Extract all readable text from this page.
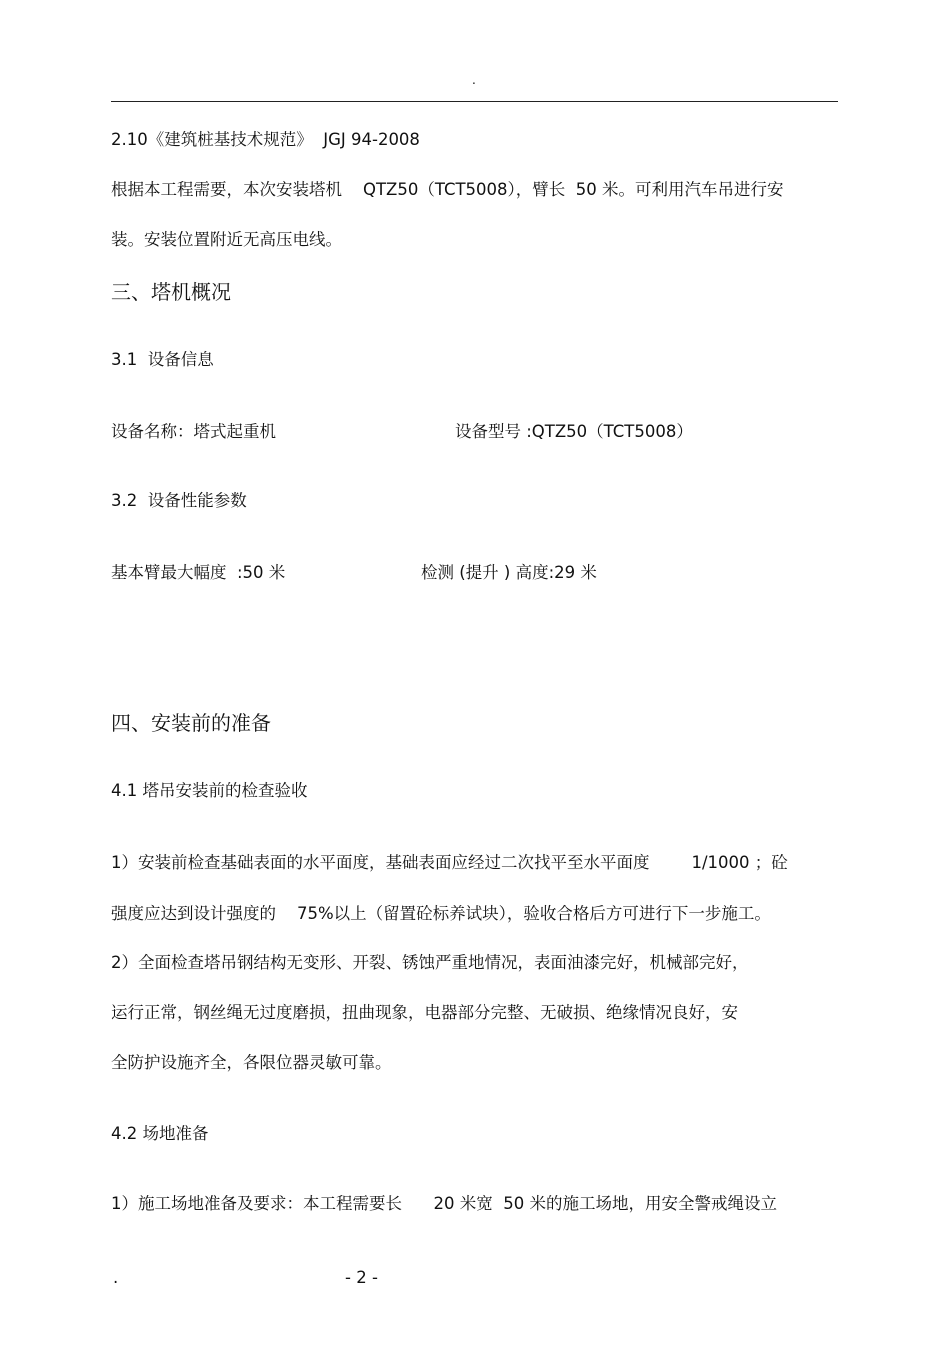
.
2.10《建筑桩基技术规范》  JGJ 94-2008
根据本工程需要，本次安装塔机    QTZ50（TCT5008），臂长  50 米。可利用汽车吊进行安
装。安装位置附近无高压电线。
三、塔机概况
3.1  设备信息
设备名称：塔式起重机	设备型号 :QTZ50（TCT5008）
3.2  设备性能参数
基本臂最大幅度  :50 米	检测 (提升 ) 高度:29 米
四、安装前的准备
4.1 塔吊安装前的检查验收
1）安装前检查基础表面的水平面度，基础表面应经过二次找平至水平面度        1/1000 ；砼
强度应达到设计强度的    75%以上（留置砼标养试块），验收合格后方可进行下一步施工。
2）全面检查塔吊钢结构无变形、开裂、锈蚀严重地情况，表面油漆完好，机械部完好，
运行正常，钢丝绳无过度磨损，扭曲现象，电器部分完整、无破损、绝缘情况良好，安
全防护设施齐全，各限位器灵敏可靠。
4.2 场地准备
1）施工场地准备及要求：本工程需要长      20 米宽  50 米的施工场地，用安全警戒绳设立
.	- 2 -
